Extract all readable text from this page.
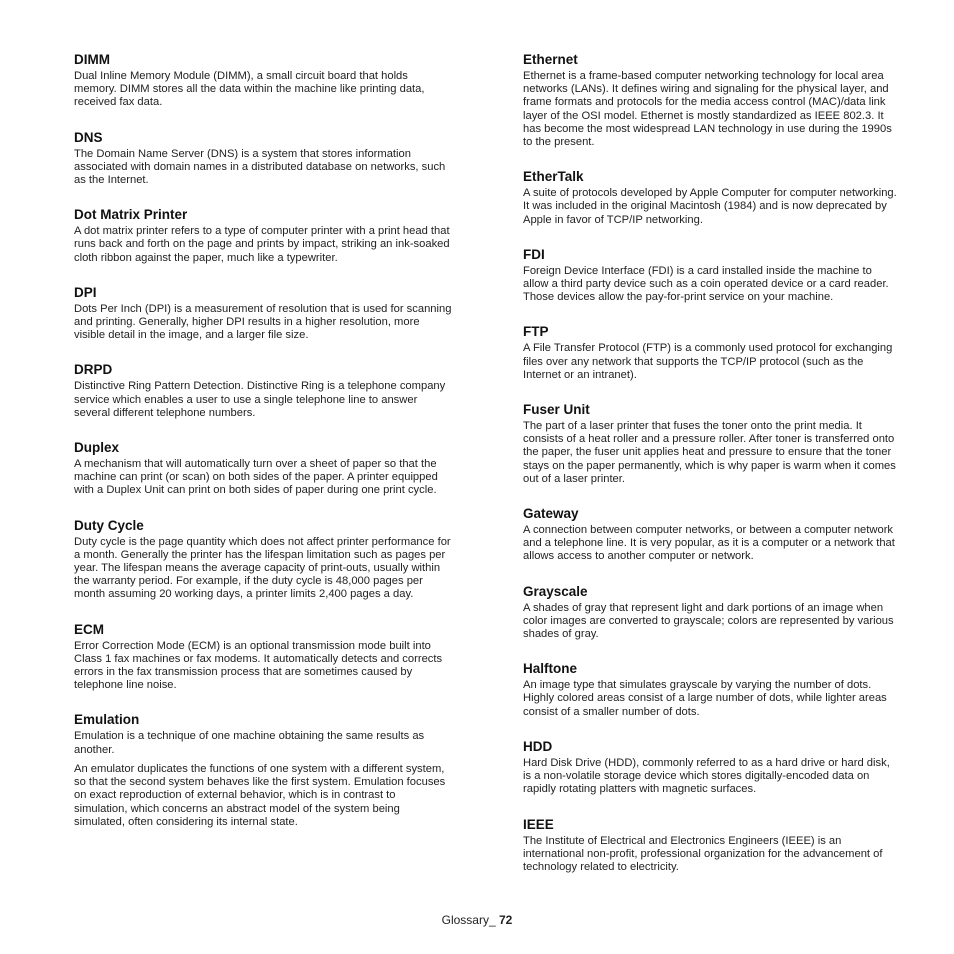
DIMM

Dual Inline Memory Module (DIMM), a small circuit board that holds memory. DIMM stores all the data within the machine like printing data, received fax data.

DNS

The Domain Name Server (DNS) is a system that stores information associated with domain names in a distributed database on networks, such as the Internet.

Dot Matrix Printer

A dot matrix printer refers to a type of computer printer with a print head that runs back and forth on the page and prints by impact, striking an ink-soaked cloth ribbon against the paper, much like a typewriter.

DPI

Dots Per Inch (DPI) is a measurement of resolution that is used for scanning and printing. Generally, higher DPI results in a higher resolution, more visible detail in the image, and a larger file size.

DRPD

Distinctive Ring Pattern Detection. Distinctive Ring is a telephone company service which enables a user to use a single telephone line to answer several different telephone numbers.

Duplex

A mechanism that will automatically turn over a sheet of paper so that the machine can print (or scan) on both sides of the paper. A printer equipped with a Duplex Unit can print on both sides of paper during one print cycle.

Duty Cycle

Duty cycle is the page quantity which does not affect printer performance for a month. Generally the printer has the lifespan limitation such as pages per year. The lifespan means the average capacity of print-outs, usually within the warranty period. For example, if the duty cycle is 48,000 pages per month assuming 20 working days, a printer limits 2,400 pages a day.

ECM

Error Correction Mode (ECM) is an optional transmission mode built into Class 1 fax machines or fax modems. It automatically detects and corrects errors in the fax transmission process that are sometimes caused by telephone line noise.

Emulation

Emulation is a technique of one machine obtaining the same results as another.

An emulator duplicates the functions of one system with a different system, so that the second system behaves like the first system. Emulation focuses on exact reproduction of external behavior, which is in contrast to simulation, which concerns an abstract model of the system being simulated, often considering its internal state.

Ethernet

Ethernet is a frame-based computer networking technology for local area networks (LANs). It defines wiring and signaling for the physical layer, and frame formats and protocols for the media access control (MAC)/data link layer of the OSI model. Ethernet is mostly standardized as IEEE 802.3. It has become the most widespread LAN technology in use during the 1990s to the present.

EtherTalk

A suite of protocols developed by Apple Computer for computer networking. It was included in the original Macintosh (1984) and is now deprecated by Apple in favor of TCP/IP networking.

FDI

Foreign Device Interface (FDI) is a card installed inside the machine to allow a third party device such as a coin operated device or a card reader. Those devices allow the pay-for-print service on your machine.

FTP

A File Transfer Protocol (FTP) is a commonly used protocol for exchanging files over any network that supports the TCP/IP protocol (such as the Internet or an intranet).

Fuser Unit

The part of a laser printer that fuses the toner onto the print media. It consists of a heat roller and a pressure roller. After toner is transferred onto the paper, the fuser unit applies heat and pressure to ensure that the toner stays on the paper permanently, which is why paper is warm when it comes out of a laser printer.

Gateway

A connection between computer networks, or between a computer network and a telephone line. It is very popular, as it is a computer or a network that allows access to another computer or network.

Grayscale

A shades of gray that represent light and dark portions of an image when color images are converted to grayscale; colors are represented by various shades of gray.

Halftone

An image type that simulates grayscale by varying the number of dots. Highly colored areas consist of a large number of dots, while lighter areas consist of a smaller number of dots.

HDD

Hard Disk Drive (HDD), commonly referred to as a hard drive or hard disk, is a non-volatile storage device which stores digitally-encoded data on rapidly rotating platters with magnetic surfaces.

IEEE

The Institute of Electrical and Electronics Engineers (IEEE) is an international non-profit, professional organization for the advancement of technology related to electricity.

Glossary_ 72
